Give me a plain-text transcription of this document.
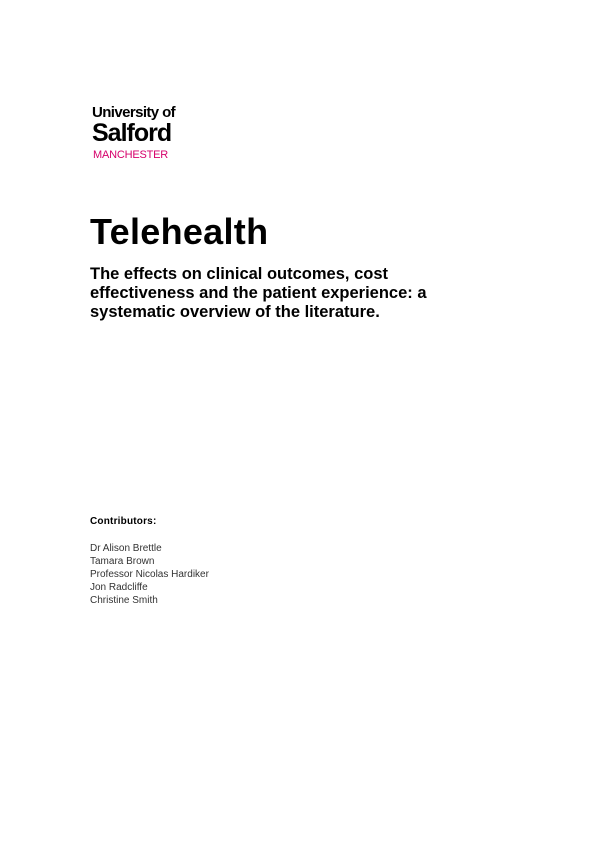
University of
Salford
MANCHESTER
Telehealth

The effects on clinical outcomes, cost
effectiveness and the patient experience: a
systematic overview of the literature.

Contributors:

Dr Alison Brettle
Tamara Brown
Professor Nicolas Hardiker
Jon Radcliffe
Christine Smith
